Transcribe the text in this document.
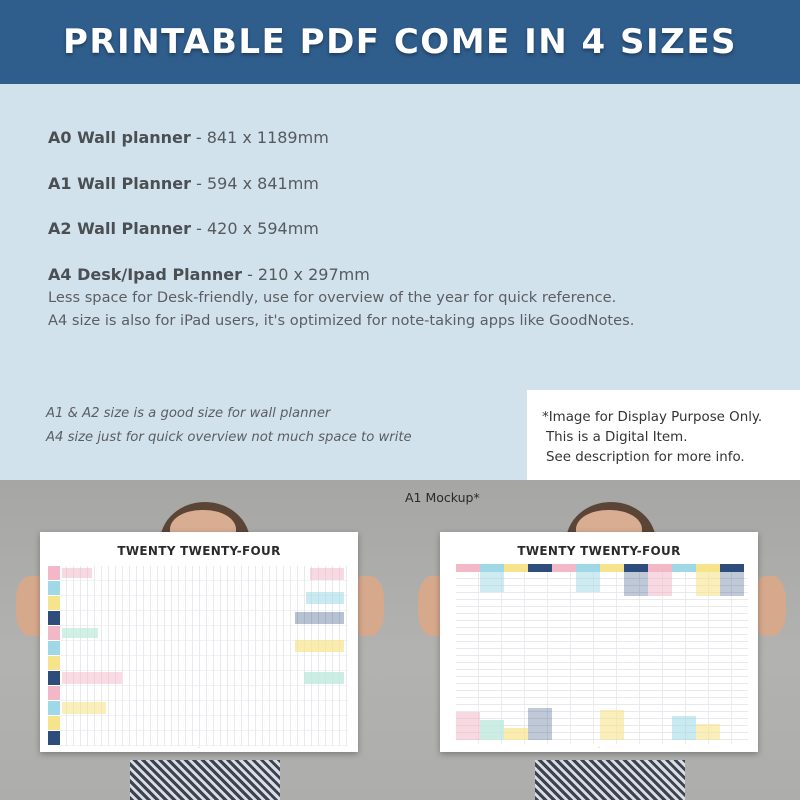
PRINTABLE PDF COME IN 4 SIZES
A0 Wall planner - 841 x 1189mm
A1 Wall Planner - 594 x 841mm
A2 Wall Planner - 420 x 594mm
A4 Desk/Ipad Planner - 210 x 297mm
Less space for Desk-friendly, use for overview of the year for quick reference.
A4 size is also for iPad users, it's optimized for note-taking apps like GoodNotes.
A1 & A2 size is a good size for wall planner
A4 size just for quick overview not much space to write
*Image for Display Purpose Only.
This is a Digital Item.
See description for more info.
TWENTY TWENTY-FOUR
•
TWENTY TWENTY-FOUR
•
A1 Mockup*
